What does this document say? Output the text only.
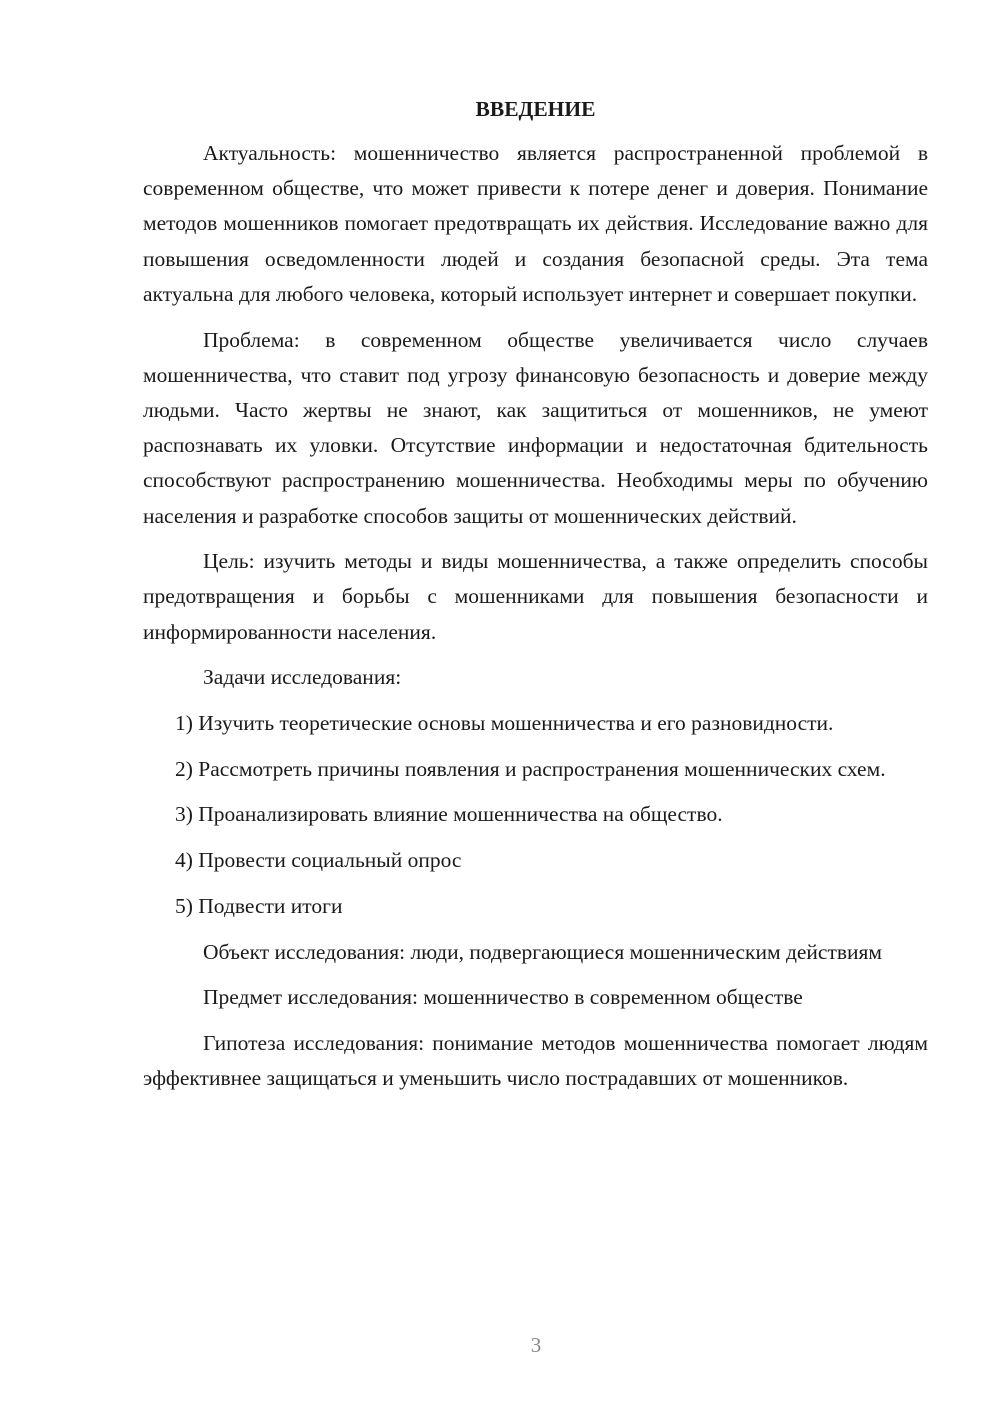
ВВЕДЕНИЕ

Актуальность: мошенничество является распространенной проблемой в современном обществе, что может привести к потере денег и доверия. Понимание методов мошенников помогает предотвращать их действия. Исследование важно для повышения осведомленности людей и создания безопасной среды. Эта тема актуальна для любого человека, который использует интернет и совершает покупки.

Проблема: в современном обществе увеличивается число случаев мошенничества, что ставит под угрозу финансовую безопасность и доверие между людьми. Часто жертвы не знают, как защититься от мошенников, не умеют распознавать их уловки. Отсутствие информации и недостаточная бдительность способствуют распространению мошенничества. Необходимы меры по обучению населения и разработке способов защиты от мошеннических действий.

Цель: изучить методы и виды мошенничества, а также определить способы предотвращения и борьбы с мошенниками для повышения безопасности и информированности населения.

Задачи исследования:

1) Изучить теоретические основы мошенничества и его разновидности.

2) Рассмотреть причины появления и распространения мошеннических схем.

3) Проанализировать влияние мошенничества на общество.

4) Провести социальный опрос

5) Подвести итоги

Объект исследования: люди, подвергающиеся мошенническим действиям

Предмет исследования: мошенничество в современном обществе

Гипотеза исследования: понимание методов мошенничества помогает людям эффективнее защищаться и уменьшить число пострадавших от мошенников.

3
